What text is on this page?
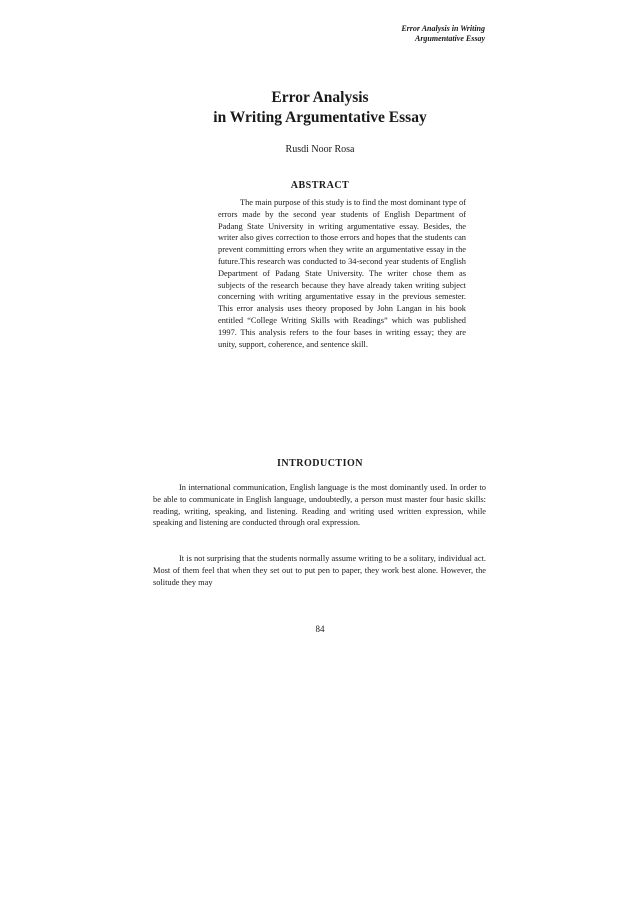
Error Analysis in Writing
Argumentative Essay
Error Analysis
in Writing Argumentative Essay
Rusdi Noor Rosa
ABSTRACT

The main purpose of this study is to find the most dominant type of errors made by the second year students of English Department of Padang State University in writing argumentative essay. Besides, the writer also gives correction to those errors and hopes that the students can prevent committing errors when they write an argumentative essay in the future.This research was conducted to 34-second year students of English Department of Padang State University. The writer chose them as subjects of the research because they have already taken writing subject concerning with writing argumentative essay in the previous semester. This error analysis uses theory proposed by John Langan in his book entitled “College Writing Skills with Readings” which was published 1997. This analysis refers to the four bases in writing essay; they are unity, support, coherence, and sentence skill.

INTRODUCTION

In international communication, English language is the most dominantly used. In order to be able to communicate in English language, undoubtedly, a person must master four basic skills: reading, writing, speaking, and listening. Reading and writing used written expression, while speaking and listening are conducted through oral expression.

It is not surprising that the students normally assume writing to be a solitary, individual act. Most of them feel that when they set out to put pen to paper, they work best alone. However, the solitude they may

84
